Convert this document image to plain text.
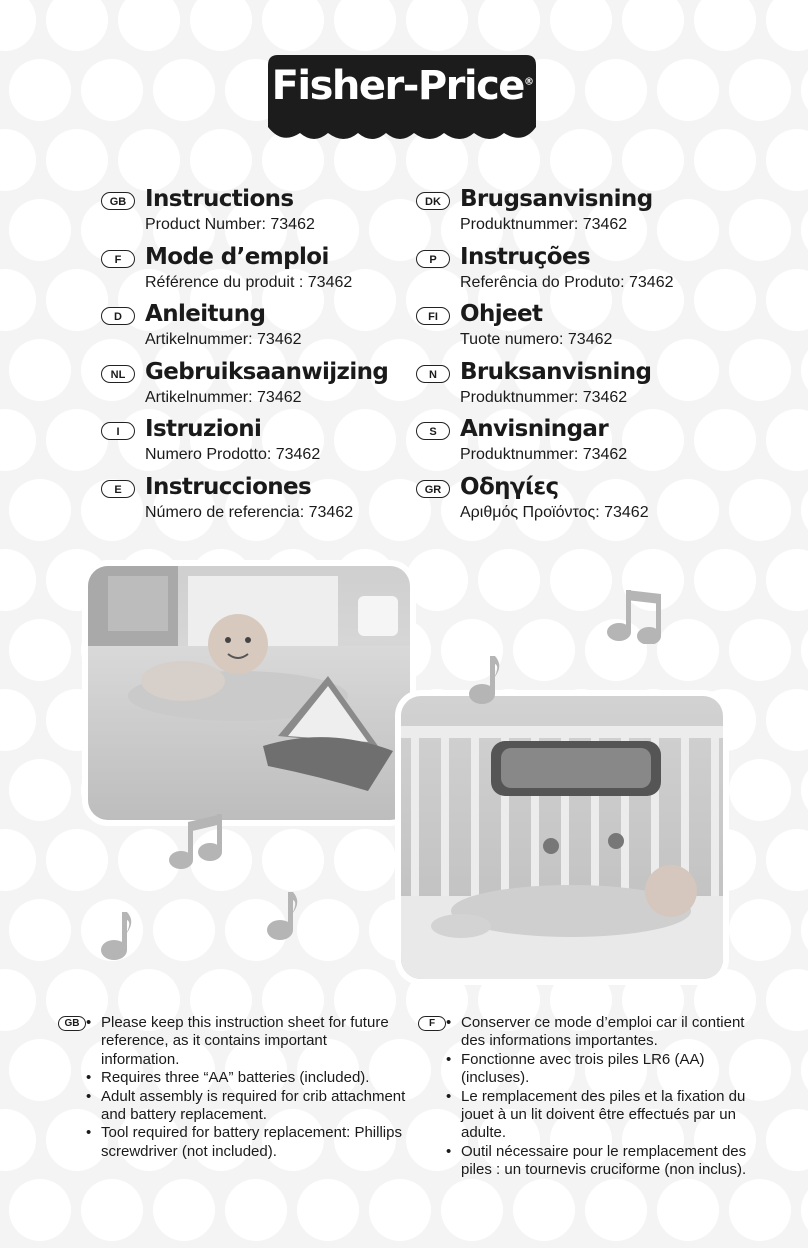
Fisher-Price®
GB Instructions
Product Number: 73462
F	Mode d’emploi
Référence du produit : 73462
D	Anleitung
Artikelnummer: 73462
NL Gebruiksaanwijzing
Artikelnummer: 73462
I	Istruzioni
Numero Prodotto: 73462
E	Instrucciones
Número de referencia: 73462
DK Brugsanvisning
Produktnummer: 73462
P	Instruções
Referência do Produto: 73462
FI Ohjeet
Tuote numero: 73462
N	Bruksanvisning
Produktnummer: 73462
S	Anvisningar
Produktnummer: 73462
GR Οδηγίες
Αριθμός Προϊόντος: 73462
GB	• Please keep this instruction sheet for future reference, as it contains important information.
• Requires three “AA” batteries (included).
• Adult assembly is required for crib attachment and battery replacement.
• Tool required for battery replacement: Phillips screwdriver (not included).
F	• Conserver ce mode d’emploi car il contient des informations importantes.
• Fonctionne avec trois piles LR6 (AA) (incluses).
• Le remplacement des piles et la fixation du jouet à un lit doivent être effectués par un adulte.
• Outil nécessaire pour le remplacement des piles : un tournevis cruciforme (non inclus).
